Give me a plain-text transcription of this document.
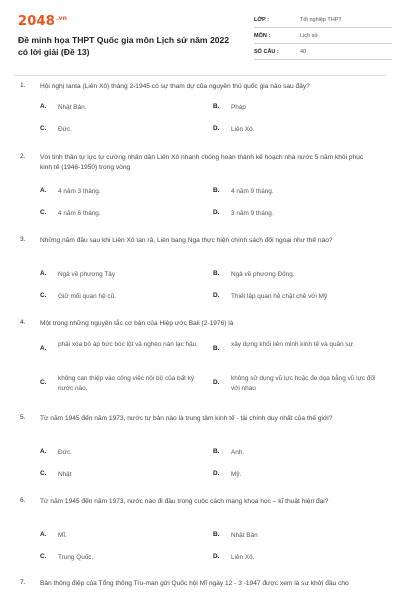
$2048^{.vn}$
Đề minh họa THPT Quốc gia môn Lịch sử năm 2022 có lời giải (Đề 13)
LỚP :	Tốt nghiệp THPT
MÔN :	Lịch sử
SỐ CÂU :	40
1. Hội nghị Ianta (Liên Xô) tháng 2-1945 có sự tham dự của nguyên thủ quốc gia nào sau đây?
A. Nhật Bản.	B. Pháp
C. Đức.	D. Liên Xô.
2. Với tinh thần tự lực tự cường nhân dân Liên Xô nhanh chóng hoàn thành kế hoạch nhà nước 5 năm khôi phục kinh tế (1946-1950) trong vòng
A. 4 năm 3 tháng.	B. 4 năm 9 tháng.
C. 4 năm 6 tháng.	D. 3 năm 9 tháng.
3. Những năm đầu sau khi Liên Xô tan rã, Liên bang Nga thực hiện chính sách đối ngoại như thế nào?
A. Ngả về phương Tây	B. Ngả về phương Đông.
C. Giữ mối quan hệ cũ.	D. Thiết lập quan hệ chặt chẽ với Mỹ
4. Một trong những nguyên tắc cơ bản của Hiệp ước Bali (2-1976) là
A.
phải xóa bỏ áp bức bóc lột và nghèo nàn lạc hậu.
B.
xây dựng khối liên minh kinh tế và quân sự.
C.
không can thiệp vào công việc nội bộ của bất kỳ nước nào.
D.
không sử dụng vũ lực hoặc đe dọa bằng vũ lực đối với nhau
5. Từ năm 1945 đến năm 1973, nước tư bản nào là trung tâm kinh tế - tài chính duy nhất của thế giới?
A. Đức.	B. Anh.
C. Nhật	D. Mỹ.
6. Từ năm 1945 đến năm 1973, nước nào đi đầu trong cuộc cách mạng khoa học – kĩ thuật hiện đại?
A. Mĩ.	B. Nhật Bản
C. Trung Quốc.	D. Liên Xô.
7. Bản thông điệp của Tổng thống Tru-man gửi Quốc hội Mĩ ngày 12 - 3 -1947 được xem là sự khởi đầu cho
